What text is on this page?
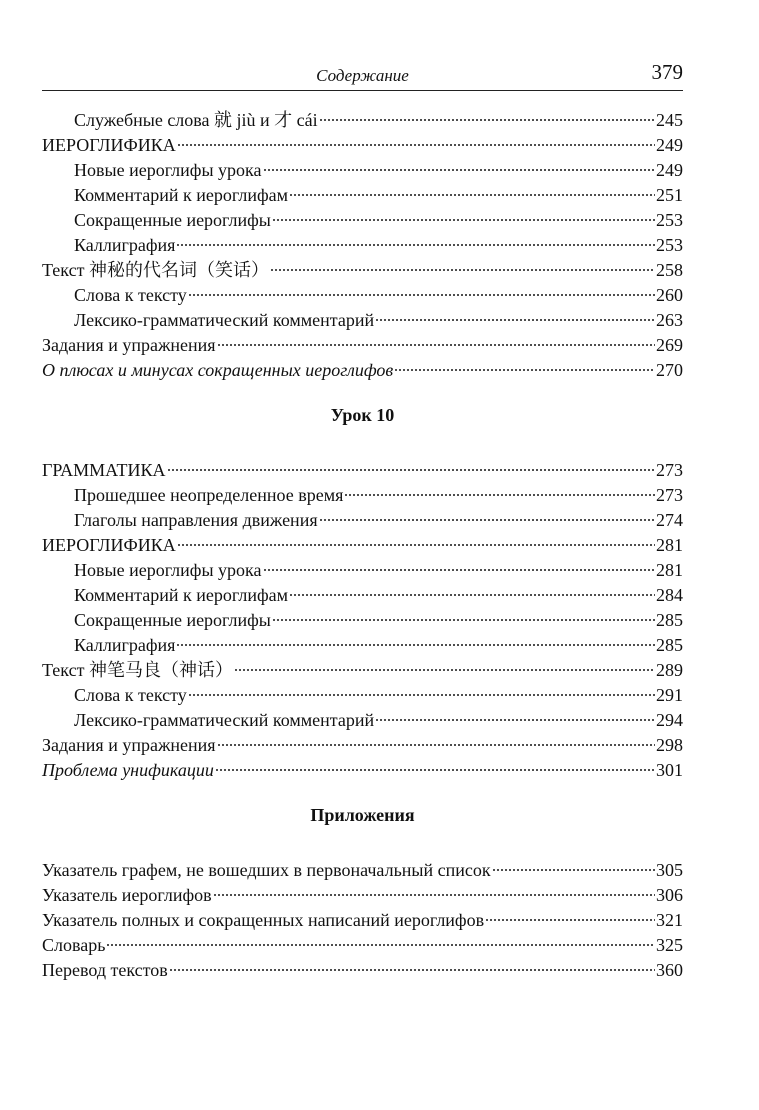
Содержание	379
Служебные слова 就 jiù и 才 cái	245
ИЕРОГЛИФИКА	249
Новые иероглифы урока	249
Комментарий к иероглифам	251
Сокращенные иероглифы	253
Каллиграфия	253
Текст 神秘的代名词（笑话）	258
Слова к тексту	260
Лексико-грамматический комментарий	263
Задания и упражнения	269
О плюсах и минусах сокращенных иероглифов	270
Урок 10
ГРАММАТИКА	273
Прошедшее неопределенное время	273
Глаголы направления движения	274
ИЕРОГЛИФИКА	281
Новые иероглифы урока	281
Комментарий к иероглифам	284
Сокращенные иероглифы	285
Каллиграфия	285
Текст 神笔马良（神话）	289
Слова к тексту	291
Лексико-грамматический комментарий	294
Задания и упражнения	298
Проблема унификации	301
Приложения
Указатель графем, не вошедших в первоначальный список	305
Указатель иероглифов	306
Указатель полных и сокращенных написаний иероглифов	321
Словарь	325
Перевод текстов	360
